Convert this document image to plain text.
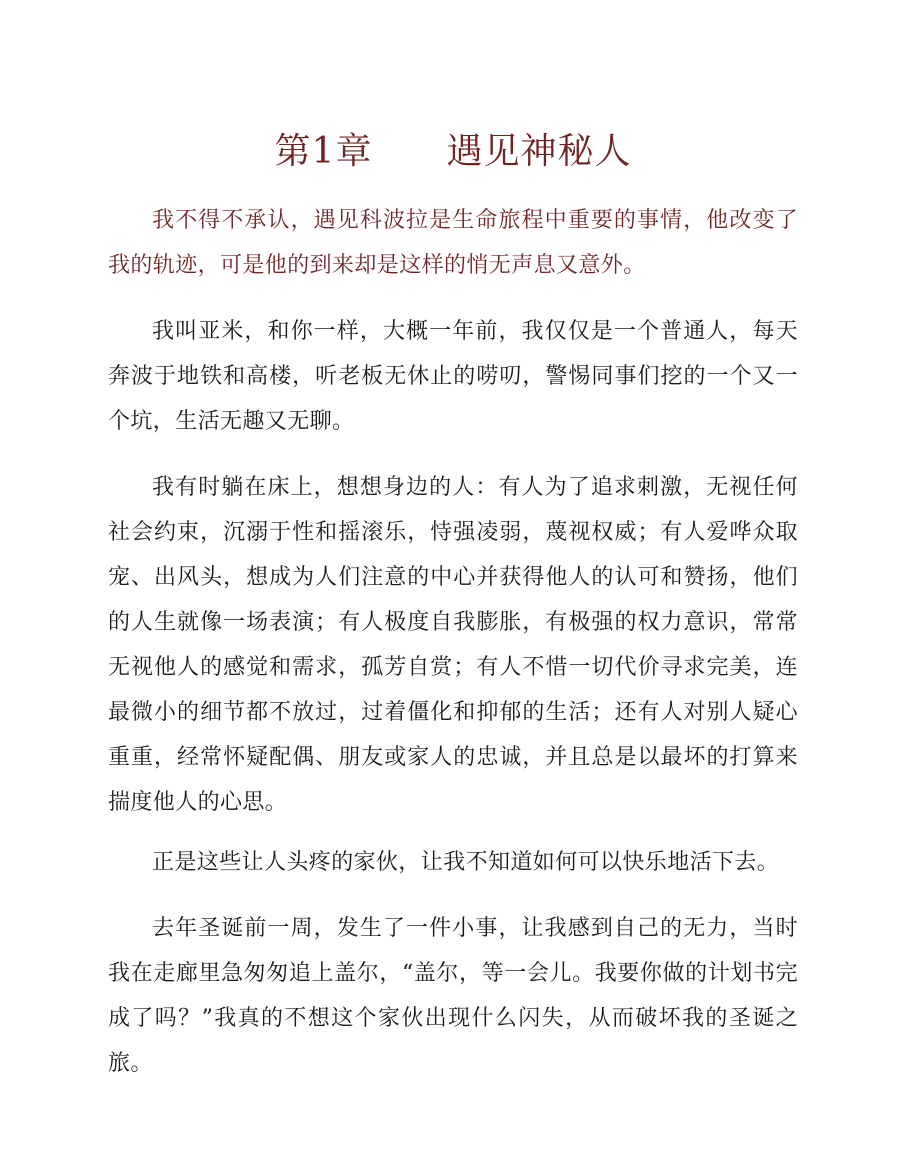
第1章　　遇见神秘人

我不得不承认，遇见科波拉是生命旅程中重要的事情，他改变了我的轨迹，可是他的到来却是这样的悄无声息又意外。

我叫亚米，和你一样，大概一年前，我仅仅是一个普通人，每天奔波于地铁和高楼，听老板无休止的唠叨，警惕同事们挖的一个又一个坑，生活无趣又无聊。

我有时躺在床上，想想身边的人：有人为了追求刺激，无视任何社会约束，沉溺于性和摇滚乐，恃强凌弱，蔑视权威；有人爱哗众取宠、出风头，想成为人们注意的中心并获得他人的认可和赞扬，他们的人生就像一场表演；有人极度自我膨胀，有极强的权力意识，常常无视他人的感觉和需求，孤芳自赏；有人不惜一切代价寻求完美，连最微小的细节都不放过，过着僵化和抑郁的生活；还有人对别人疑心重重，经常怀疑配偶、朋友或家人的忠诚，并且总是以最坏的打算来揣度他人的心思。

正是这些让人头疼的家伙，让我不知道如何可以快乐地活下去。

去年圣诞前一周，发生了一件小事，让我感到自己的无力，当时我在走廊里急匆匆追上盖尔，“盖尔，等一会儿。我要你做的计划书完成了吗？”我真的不想这个家伙出现什么闪失，从而破坏我的圣诞之旅。
